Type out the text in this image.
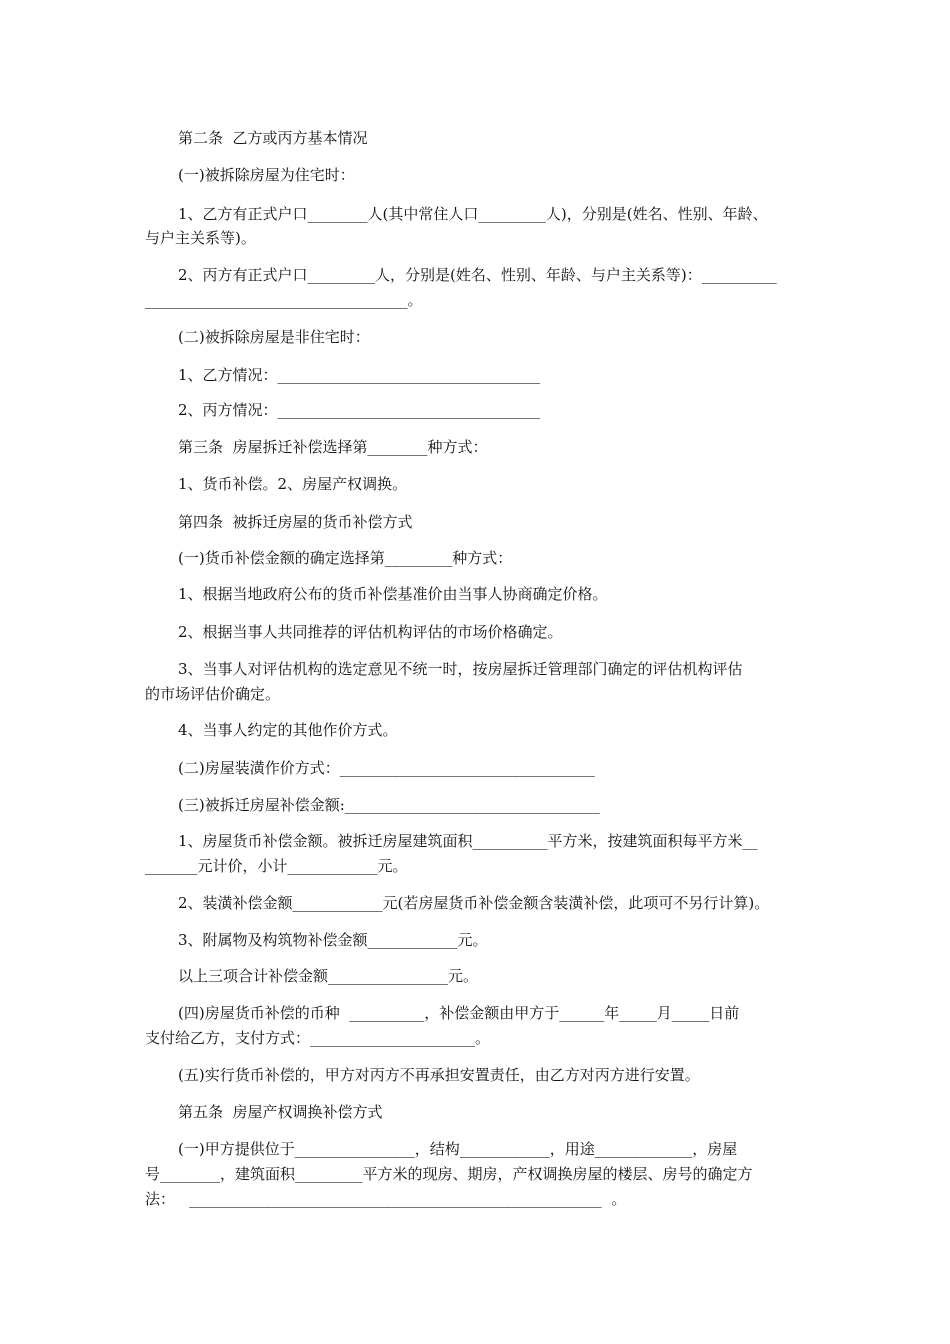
第二条  乙方或丙方基本情况

(一)被拆除房屋为住宅时：

1、乙方有正式户口________人(其中常住人口_________人)，分别是(姓名、性别、年龄、

与户主关系等)。

2、丙方有正式户口_________人，分别是(姓名、性别、年龄、与户主关系等)：__________

___________________________________。

(二)被拆除房屋是非住宅时：

1、乙方情况：___________________________________

2、丙方情况：___________________________________

第三条  房屋拆迁补偿选择第________种方式：

1、货币补偿。2、房屋产权调换。

第四条  被拆迁房屋的货币补偿方式

(一)货币补偿金额的确定选择第_________种方式：

1、根据当地政府公布的货币补偿基准价由当事人协商确定价格。

2、根据当事人共同推荐的评估机构评估的市场价格确定。

3、当事人对评估机构的选定意见不统一时，按房屋拆迁管理部门确定的评估机构评估

的市场评估价确定。

4、当事人约定的其他作价方式。

(二)房屋装潢作价方式：__________________________________

(三)被拆迁房屋补偿金额:__________________________________

1、房屋货币补偿金额。被拆迁房屋建筑面积__________平方米，按建筑面积每平方米__

_______元计价，小计____________元。

2、装潢补偿金额____________元(若房屋货币补偿金额含装潢补偿，此项可不另行计算)。

3、附属物及构筑物补偿金额____________元。

以上三项合计补偿金额________________元。

(四)房屋货币补偿的币种  __________，补偿金额由甲方于______年_____月_____日前

支付给乙方，支付方式：______________________。

(五)实行货币补偿的，甲方对丙方不再承担安置责任，由乙方对丙方进行安置。

第五条  房屋产权调换补偿方式

(一)甲方提供位于________________，结构____________，用途_____________，房屋

号________，建筑面积_________平方米的现房、期房，产权调换房屋的楼层、房号的确定方

法：   _______________________________________________________  。
